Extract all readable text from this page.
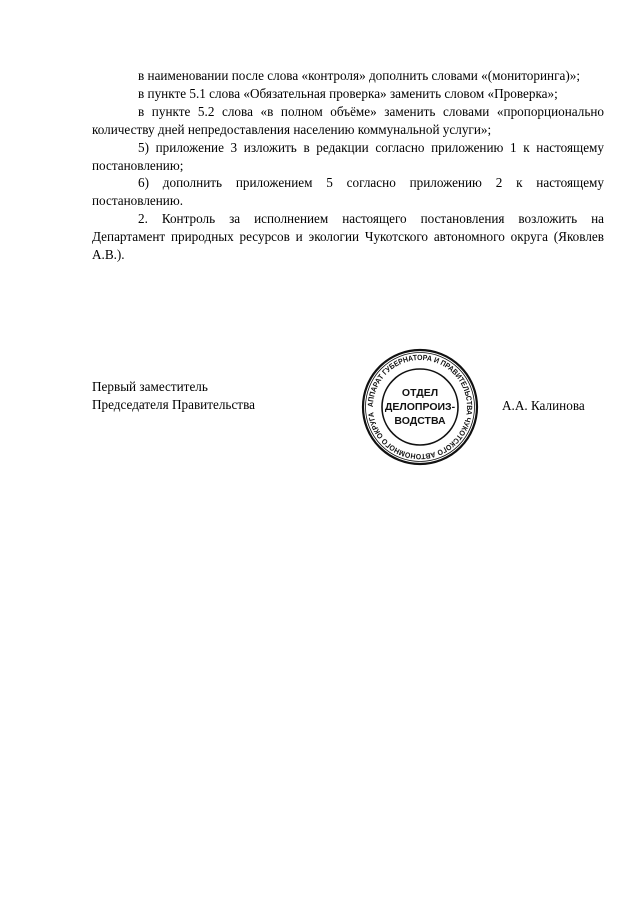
в наименовании после слова «контроля» дополнить словами «(мониторинга)»;

в пункте 5.1 слова «Обязательная проверка» заменить словом «Проверка»;

в пункте 5.2 слова «в полном объёме» заменить словами «пропорционально количеству дней непредоставления населению коммунальной услуги»;

5) приложение 3 изложить в редакции согласно приложению 1 к настоящему постановлению;

6) дополнить приложением 5 согласно приложению 2 к настоящему постановлению.

2. Контроль за исполнением настоящего постановления возложить на Департамент природных ресурсов и экологии Чукотского автономного округа (Яковлев А.В.).

Первый заместитель
Председателя Правительства	АППАРАТ ГУБЕРНАТОРА И ПРАВИТЕЛЬСТВА ЧУКОТСКОГО АВТОНОМНОГО ОКРУГА
ОТДЕЛ
ДЕЛОПРОИЗ-
ВОДСТВА
А.А. Калинова
